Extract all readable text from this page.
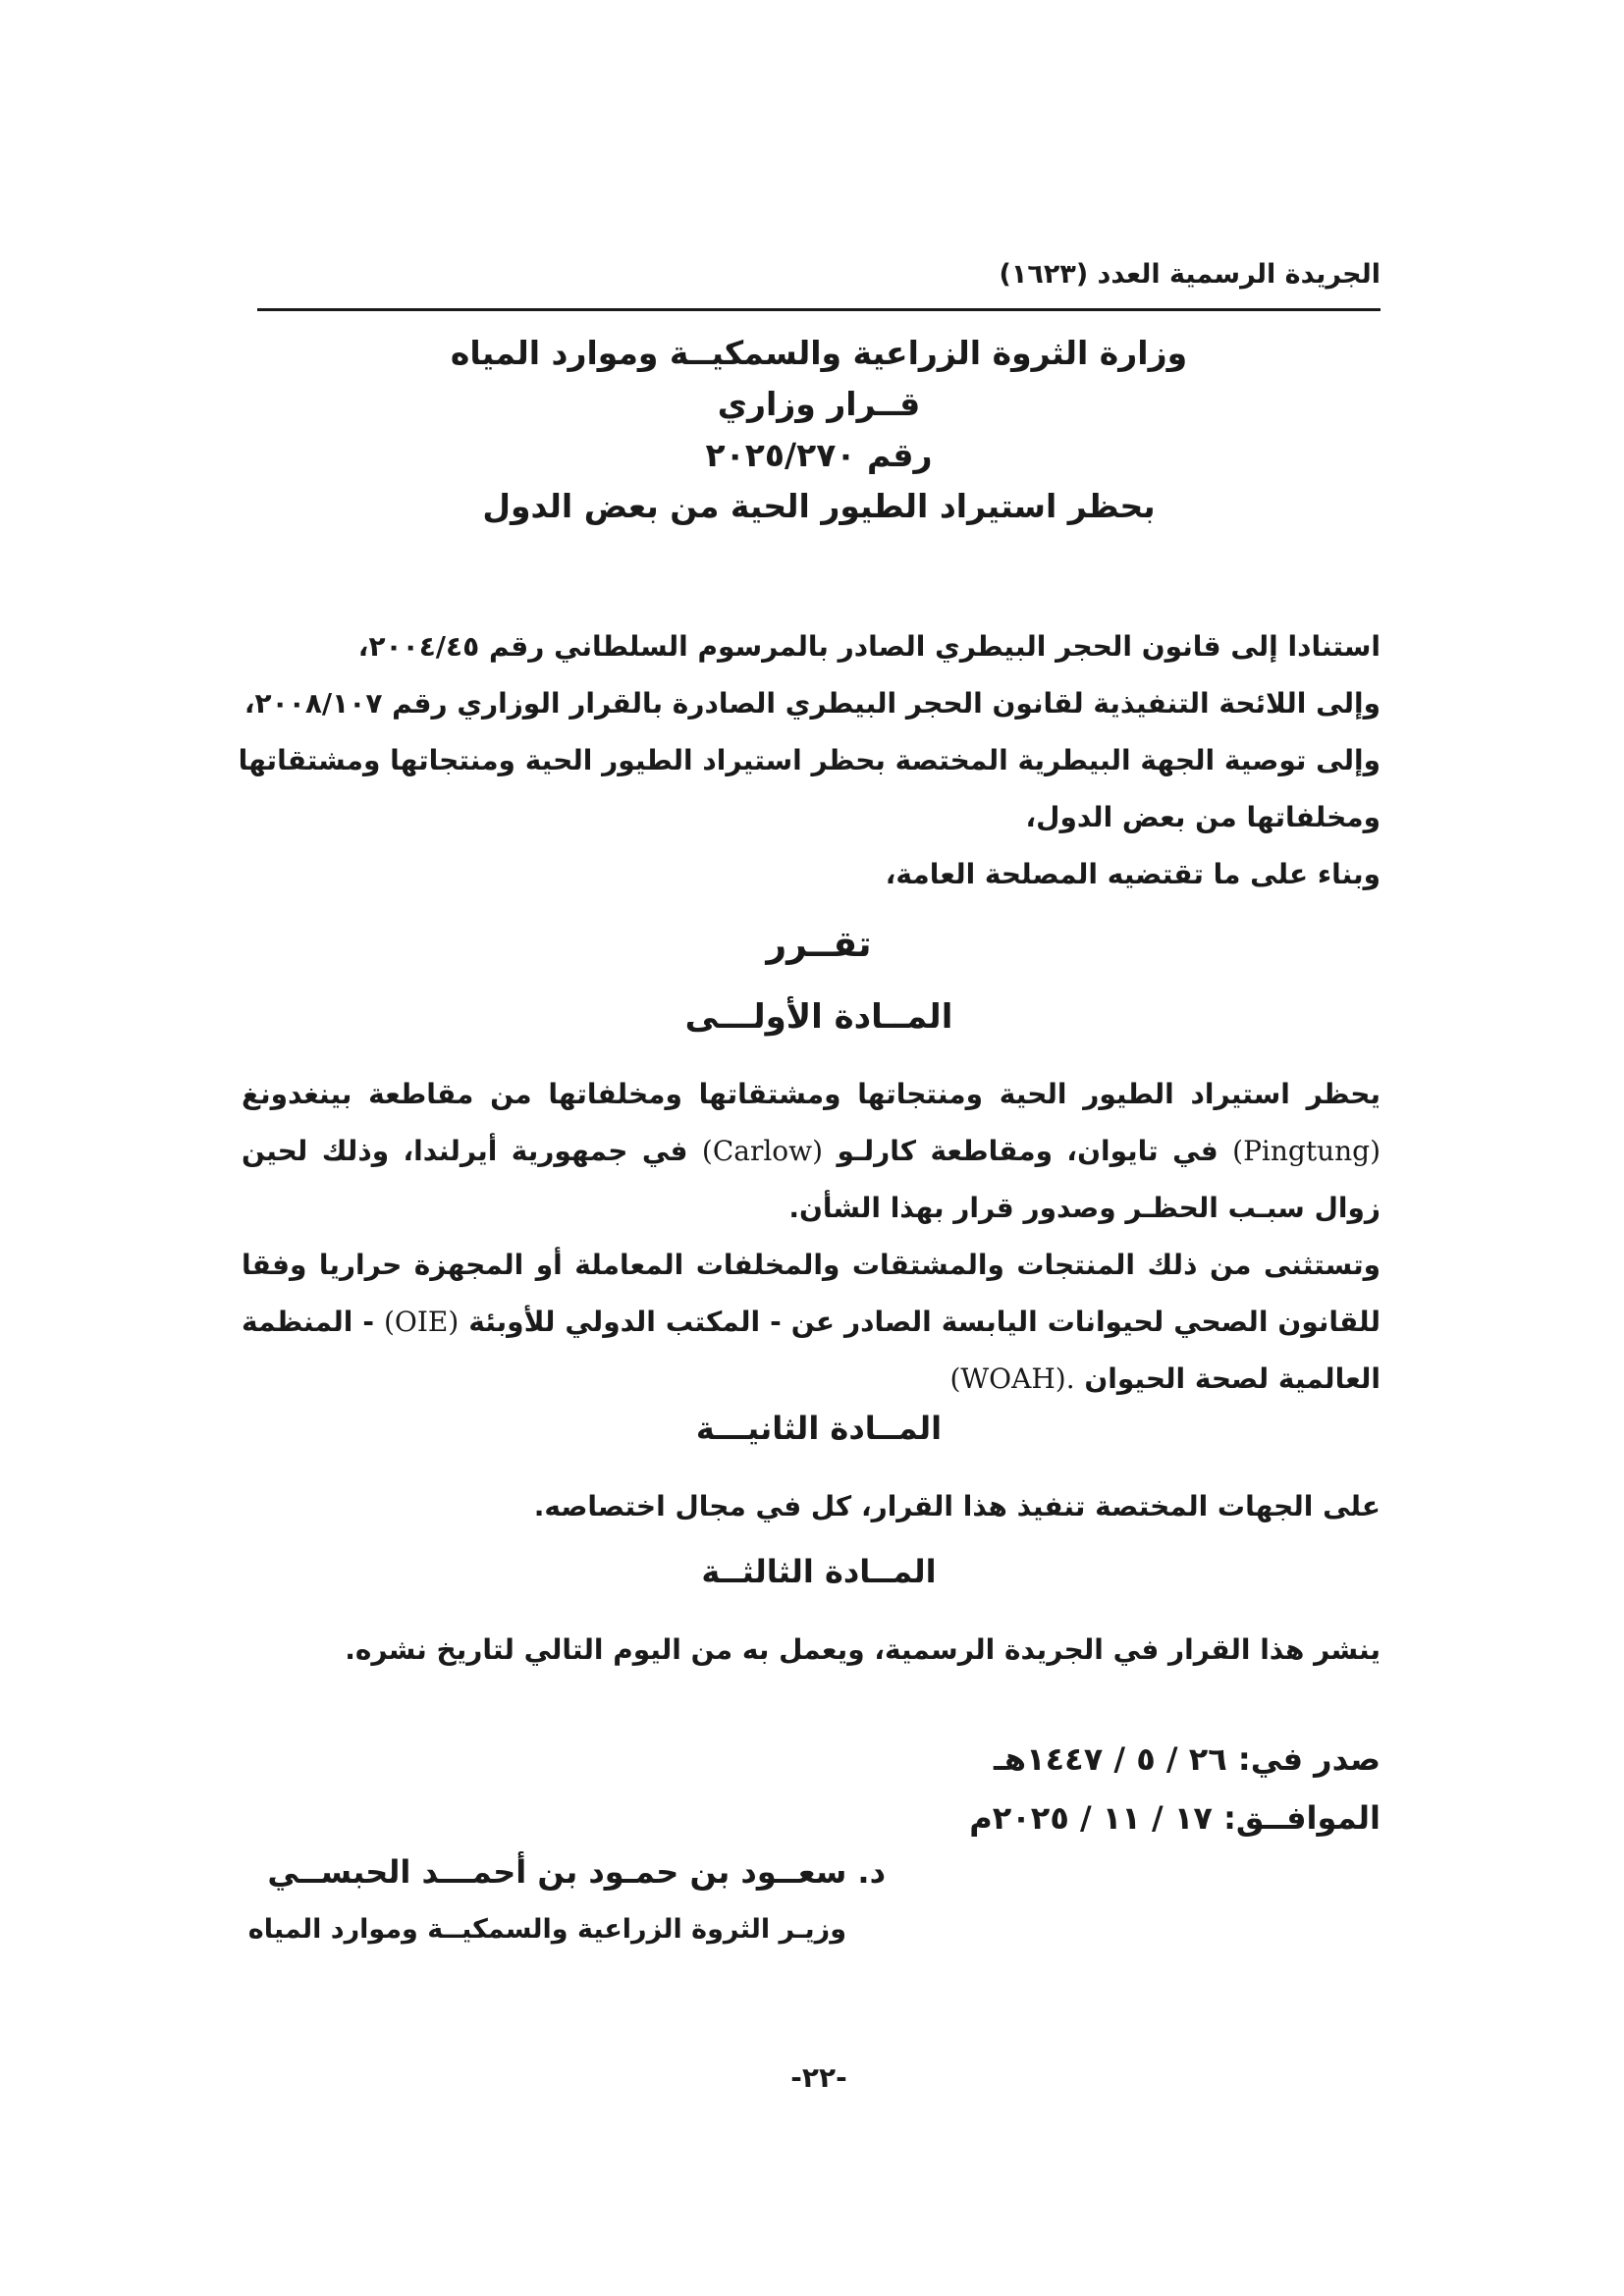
الجريدة الرسمية العدد (١٦٢٣)
وزارة الثروة الزراعية والسمكيــة وموارد المياه
قــرار وزاري
رقم ٢٠٢٥/٢٧٠
بحظر استيراد الطيور الحية من بعض الدول

استنادا إلى قانون الحجر البيطري الصادر بالمرسوم السلطاني رقم ٢٠٠٤/٤٥،

وإلى اللائحة التنفيذية لقانون الحجر البيطري الصادرة بالقرار الوزاري رقم ٢٠٠٨/١٠٧،

وإلى توصية الجهة البيطرية المختصة بحظر استيراد الطيور الحية ومنتجاتها ومشتقاتها

ومخلفاتها من بعض الدول،

وبناء على ما تقتضيه المصلحة العامة،

تقــرر
المــادة الأولـــى

يحظر استيراد الطيور الحية ومنتجاتها ومشتقاتها ومخلفاتها من مقاطعة بينغدونغ (Pingtung) في تايوان، ومقاطعة كارلـو (Carlow) في جمهورية أيرلندا، وذلك لحين زوال سبـب الحظـر وصدور قرار بهذا الشأن.

وتستثنى من ذلك المنتجات والمشتقات والمخلفات المعاملة أو المجهزة حراريا وفقا للقانون الصحي لحيوانات اليابسة الصادر عن - المكتب الدولي للأوبئة (OIE) - المنظمة العالمية لصحة الحيوان (WOAH).

المــادة الثانيـــة

على الجهات المختصة تنفيذ هذا القرار، كل في مجال اختصاصه.

المــادة الثالثــة

ينشر هذا القرار في الجريدة الرسمية، ويعمل به من اليوم التالي لتاريخ نشره.

صدر في: ٢٦ / ٥ / ١٤٤٧هـ

الموافــق: ١٧ / ١١ / ٢٠٢٥م

د. سعــود بن حمـود بن أحمـــد الحبســي
وزيـر الثروة الزراعية والسمكيــة وموارد المياه
-٢٢-
